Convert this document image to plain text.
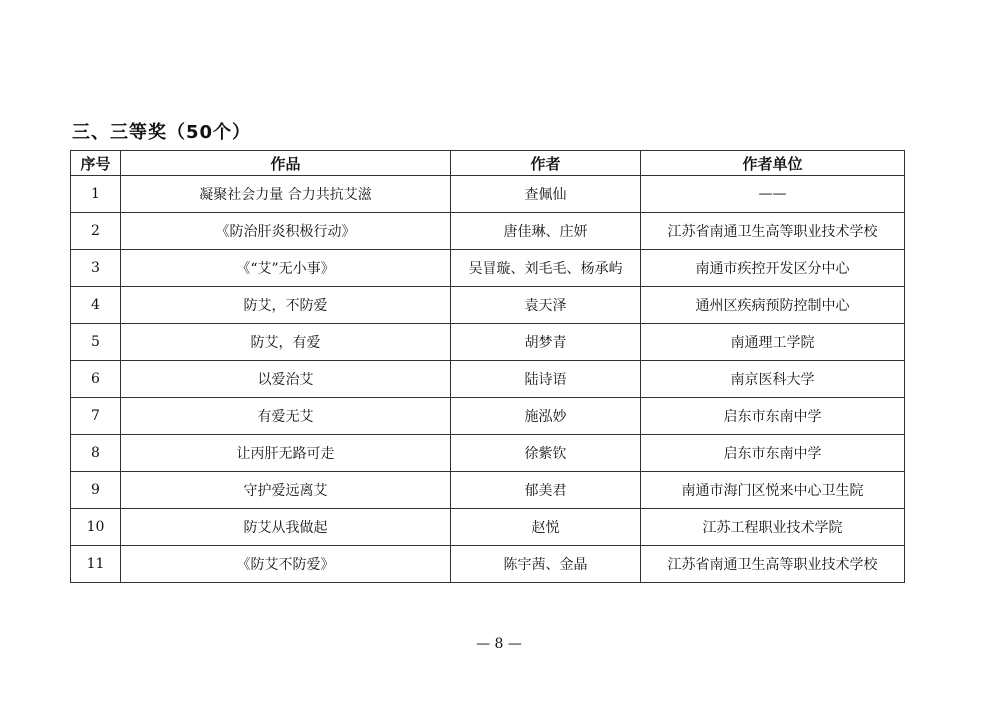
三、三等奖（50个）
序号	作品	作者	作者单位
1	凝聚社会力量 合力共抗艾滋	查佩仙	——
2	《防治肝炎积极行动》	唐佳琳、庄妍	江苏省南通卫生高等职业技术学校
3	《“艾”无小事》	吴冒璇、刘毛毛、杨承屿	南通市疾控开发区分中心
4	防艾，不防爱	袁天泽	通州区疾病预防控制中心
5	防艾，有爱	胡梦青	南通理工学院
6	以爱治艾	陆诗语	南京医科大学
7	有爱无艾	施泓妙	启东市东南中学
8	让丙肝无路可走	徐紫钦	启东市东南中学
9	守护爱远离艾	郁美君	南通市海门区悦来中心卫生院
10	防艾从我做起	赵悦	江苏工程职业技术学院
11	《防艾不防爱》	陈宇茜、金晶	江苏省南通卫生高等职业技术学校
— 8 —
